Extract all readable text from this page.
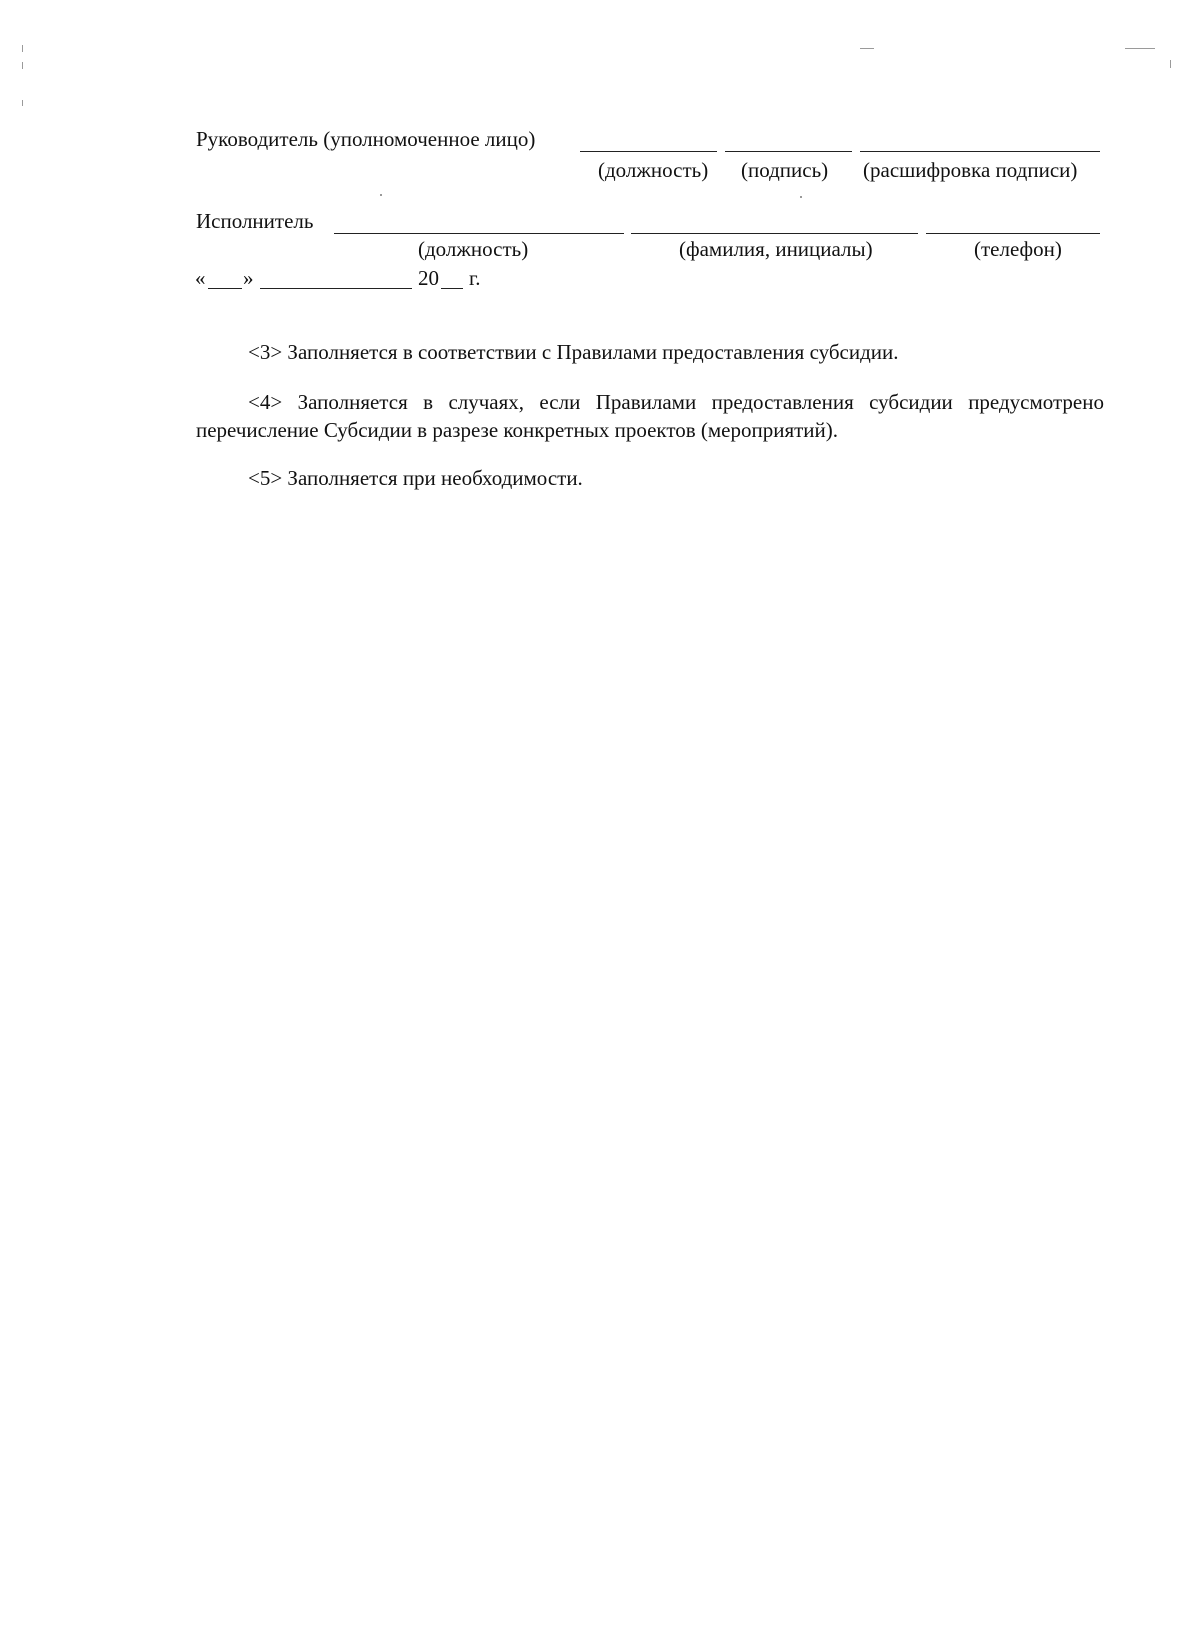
Руководитель (уполномоченное лицо)
(должность) (подпись) (расшифровка подписи)
Исполнитель
(должность)	(фамилия, инициалы)	(телефон)
« »	20 г.
<3> Заполняется в соответствии с Правилами предоставления субсидии.
<4> Заполняется в случаях, если Правилами предоставления субсидии предусмотрено перечисление Субсидии в разрезе конкретных проектов (мероприятий).
<5> Заполняется при необходимости.
